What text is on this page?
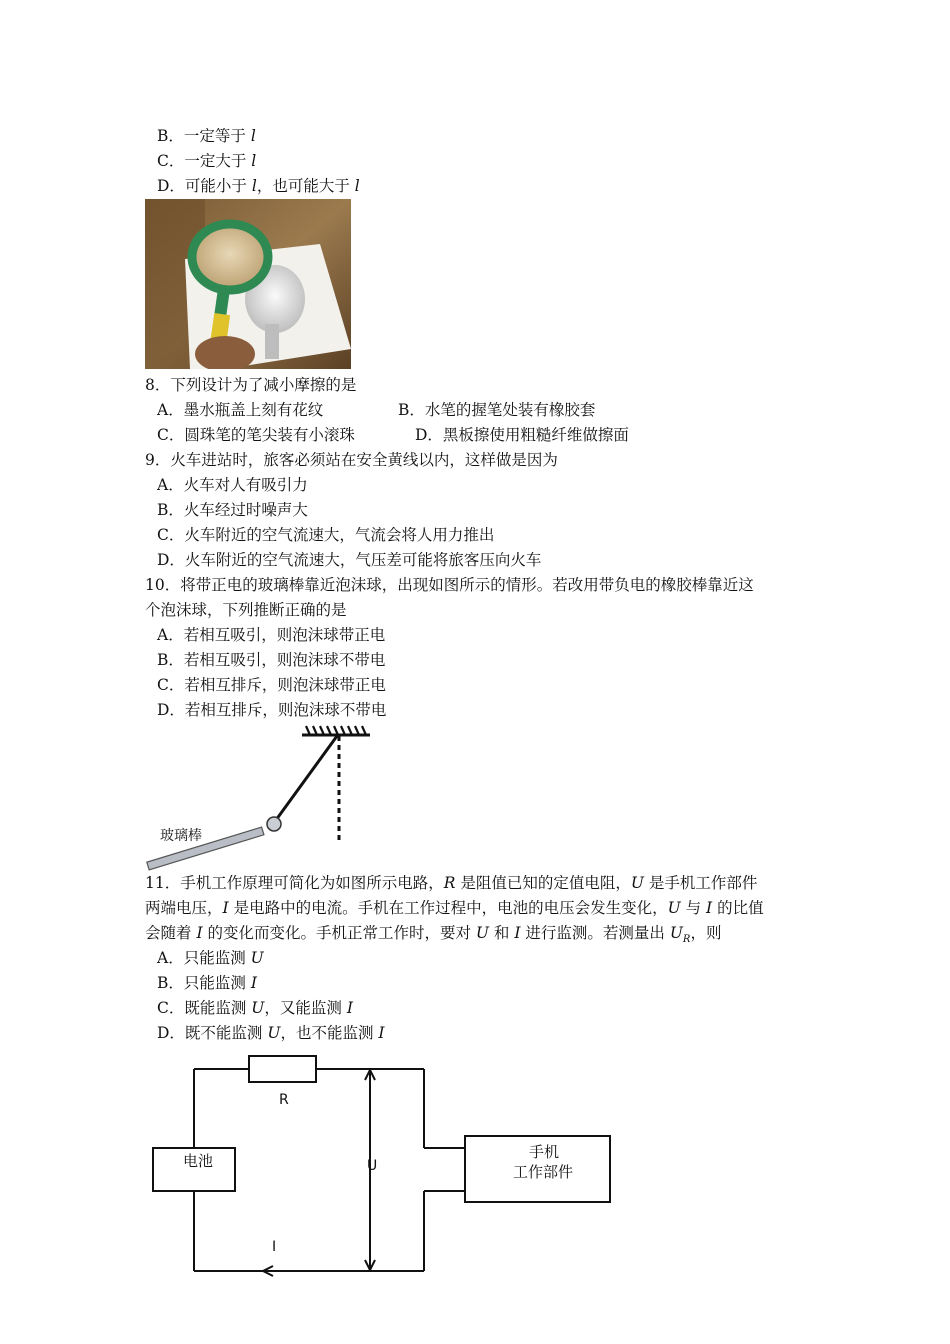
B．一定等于 l
C．一定大于 l
D．可能小于 l，也可能大于 l
8．下列设计为了减小摩擦的是
A．墨水瓶盖上刻有花纹	B．水笔的握笔处装有橡胶套
C．圆珠笔的笔尖装有小滚珠	D．黑板擦使用粗糙纤维做擦面
9．火车进站时，旅客必须站在安全黄线以内，这样做是因为
A．火车对人有吸引力
B．火车经过时噪声大
C．火车附近的空气流速大，气流会将人用力推出
D．火车附近的空气流速大，气压差可能将旅客压向火车
10．将带正电的玻璃棒靠近泡沫球，出现如图所示的情形。若改用带负电的橡胶棒靠近这
个泡沫球，下列推断正确的是
A．若相互吸引，则泡沫球带正电
B．若相互吸引，则泡沫球不带电
C．若相互排斥，则泡沫球带正电
D．若相互排斥，则泡沫球不带电
玻璃棒
11．手机工作原理可简化为如图所示电路，R 是阻值已知的定值电阻，U 是手机工作部件
两端电压，I 是电路中的电流。手机在工作过程中，电池的电压会发生变化，U 与 I 的比值
会随着 I 的变化而变化。手机正常工作时，要对 U 和 I 进行监测。若测量出 $U_R$，则
A．只能监测 U
B．只能监测 I
C．既能监测 U，又能监测 I
D．既不能监测 U，也不能监测 I
R
电池	手机
工作部件
U
I
